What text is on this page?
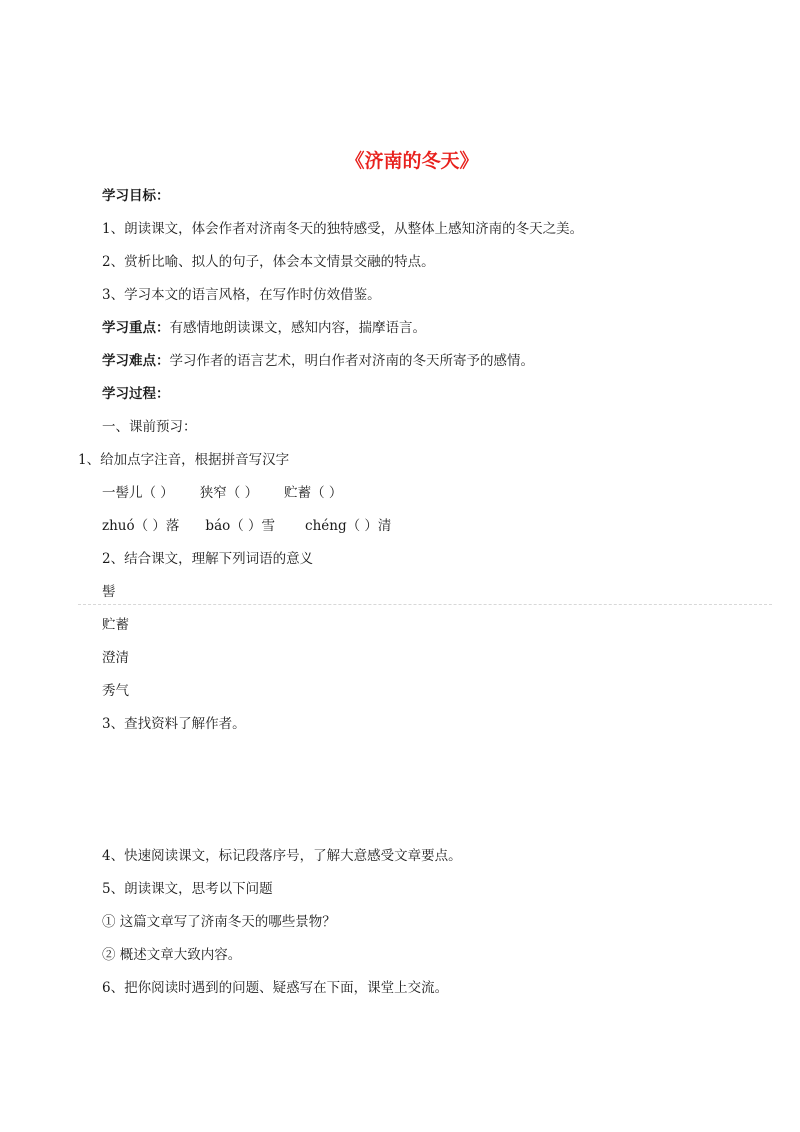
《济南的冬天》
学习目标：
1、朗读课文，体会作者对济南冬天的独特感受，从整体上感知济南的冬天之美。
2、赏析比喻、拟人的句子，体会本文情景交融的特点。
3、学习本文的语言风格，在写作时仿效借鉴。
学习重点：有感情地朗读课文，感知内容，揣摩语言。
学习难点：学习作者的语言艺术，明白作者对济南的冬天所寄予的感情。
学习过程：
一、课前预习：
1、给加点字注音，根据拼音写汉字
一髻儿（ ） 狭窄（ ） 贮蓄（ ）
zhuó（ ）落 báo（ ）雪 chéng（ ）清
2、结合课文，理解下列词语的意义
髻
贮蓄
澄清
秀气
3、查找资料了解作者。
4、快速阅读课文，标记段落序号，了解大意感受文章要点。
5、朗读课文，思考以下问题
① 这篇文章写了济南冬天的哪些景物？
② 概述文章大致内容。
6、把你阅读时遇到的问题、疑惑写在下面，课堂上交流。
